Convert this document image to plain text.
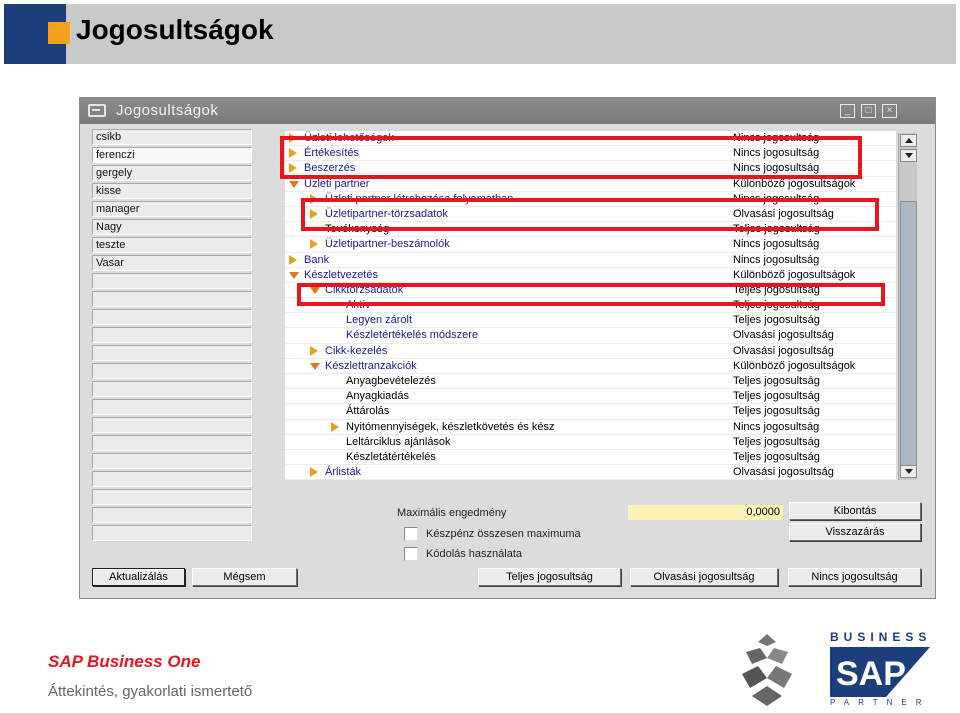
Jogosultságok
Jogosultságok	_	□	×
csikb
ferenczi
gergely
kisse
manager
Nagy
teszte
Vasar
Üzleti lehetőségek	Nincs jogosultság
Értékesítés	Nincs jogosultság
Beszerzés	Nincs jogosultság
Üzleti partner	Különböző jogosultságok
Üzleti partner létrehozása folyamatban	Nincs jogosultság
Üzletipartner-törzsadatok	Olvasási jogosultság
Tevékenység	Teljes jogosultság
Üzletipartner-beszámolók	Nincs jogosultság
Bank	Nincs jogosultság
Készletvezetés	Különböző jogosultságok
Cikktörzsadatok	Teljes jogosultság
Aktív	Teljes jogosultság
Legyen zárolt	Teljes jogosultság
Készletértékelés módszere	Olvasási jogosultság
Cikk-kezelés	Olvasási jogosultság
Készlettranzakciók	Különböző jogosultságok
Anyagbevételezés	Teljes jogosultság
Anyagkiadás	Teljes jogosultság
Áttárolás	Teljes jogosultság
Nyitómennyiségek, készletkövetés és kész	Nincs jogosultság
Leltárciklus ajánlások	Teljes jogosultság
Készletátértékelés	Teljes jogosultság
Árlisták	Olvasási jogosultság
Maximális engedmény	0,0000
Készpénz összesen maximuma
Kódolás használata
Kibontás
Visszazárás
Aktualizálás	Mégsem	Teljes jogosultság	Olvasási jogosultság	Nincs jogosultság
SAP Business One
Áttekintés, gyakorlati ismertető
BUSINESS
SAP
PARTNER
